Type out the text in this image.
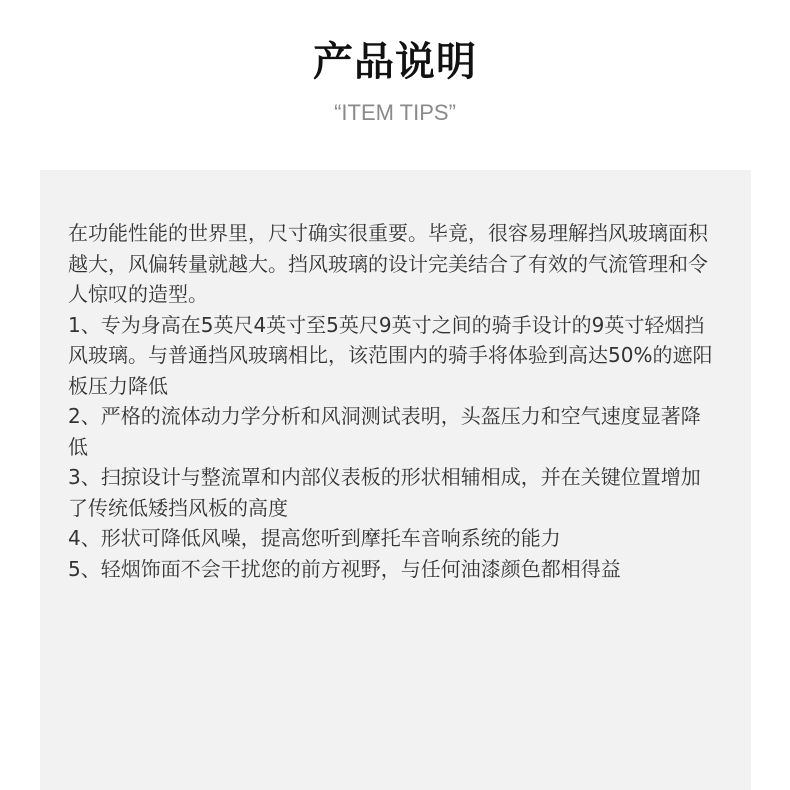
产品说明
“ITEM TIPS”

在功能性能的世界里，尺寸确实很重要。毕竟，很容易理解挡风玻璃面积越大，风偏转量就越大。挡风玻璃的设计完美结合了有效的气流管理和令人惊叹的造型。

1、专为身高在5英尺4英寸至5英尺9英寸之间的骑手设计的9英寸轻烟挡风玻璃。与普通挡风玻璃相比，该范围内的骑手将体验到高达50%的遮阳板压力降低

2、严格的流体动力学分析和风洞测试表明，头盔压力和空气速度显著降低

3、扫掠设计与整流罩和内部仪表板的形状相辅相成，并在关键位置增加了传统低矮挡风板的高度

4、形状可降低风噪，提高您听到摩托车音响系统的能力

5、轻烟饰面不会干扰您的前方视野，与任何油漆颜色都相得益
